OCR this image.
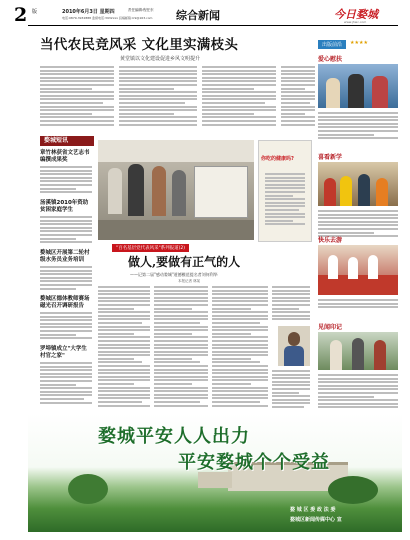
2 版	2010年6月3日 星期四	责任编辑:程任东
电话:0879-3932888 监督电话:3932xxx 投稿邮箱:lc9@163.com	综合新闻	今日婺城
www.jhwc.com
当代农民竞风采 文化里实满枝头
黄堂镇以文化建设促进乡风文明提升
你吃的健康吗?
婺城短讯
章竹林获省文艺志书编撰成果奖
汤溪镇2010年资助贫困家庭学生
婺城区开展第二轮村级水务员业务培训
婺城区德体教师赛场磁光召开调研报告
罗埠镇成立"大学生村官之家"
"百名基层党代表风采"系列报道(2)
做人,要做有正气的人
——记第二届"感动婺城"道德模范提名者刘何利华
本报记者 林某
出版前沿	★★★★
爱心慰扶
喜看新学
快乐去游
见闻印记
婺城平安人人出力
平安婺城个个受益
婺 城 区 委 政 法 委
婺城区新闻传媒中心 宣
